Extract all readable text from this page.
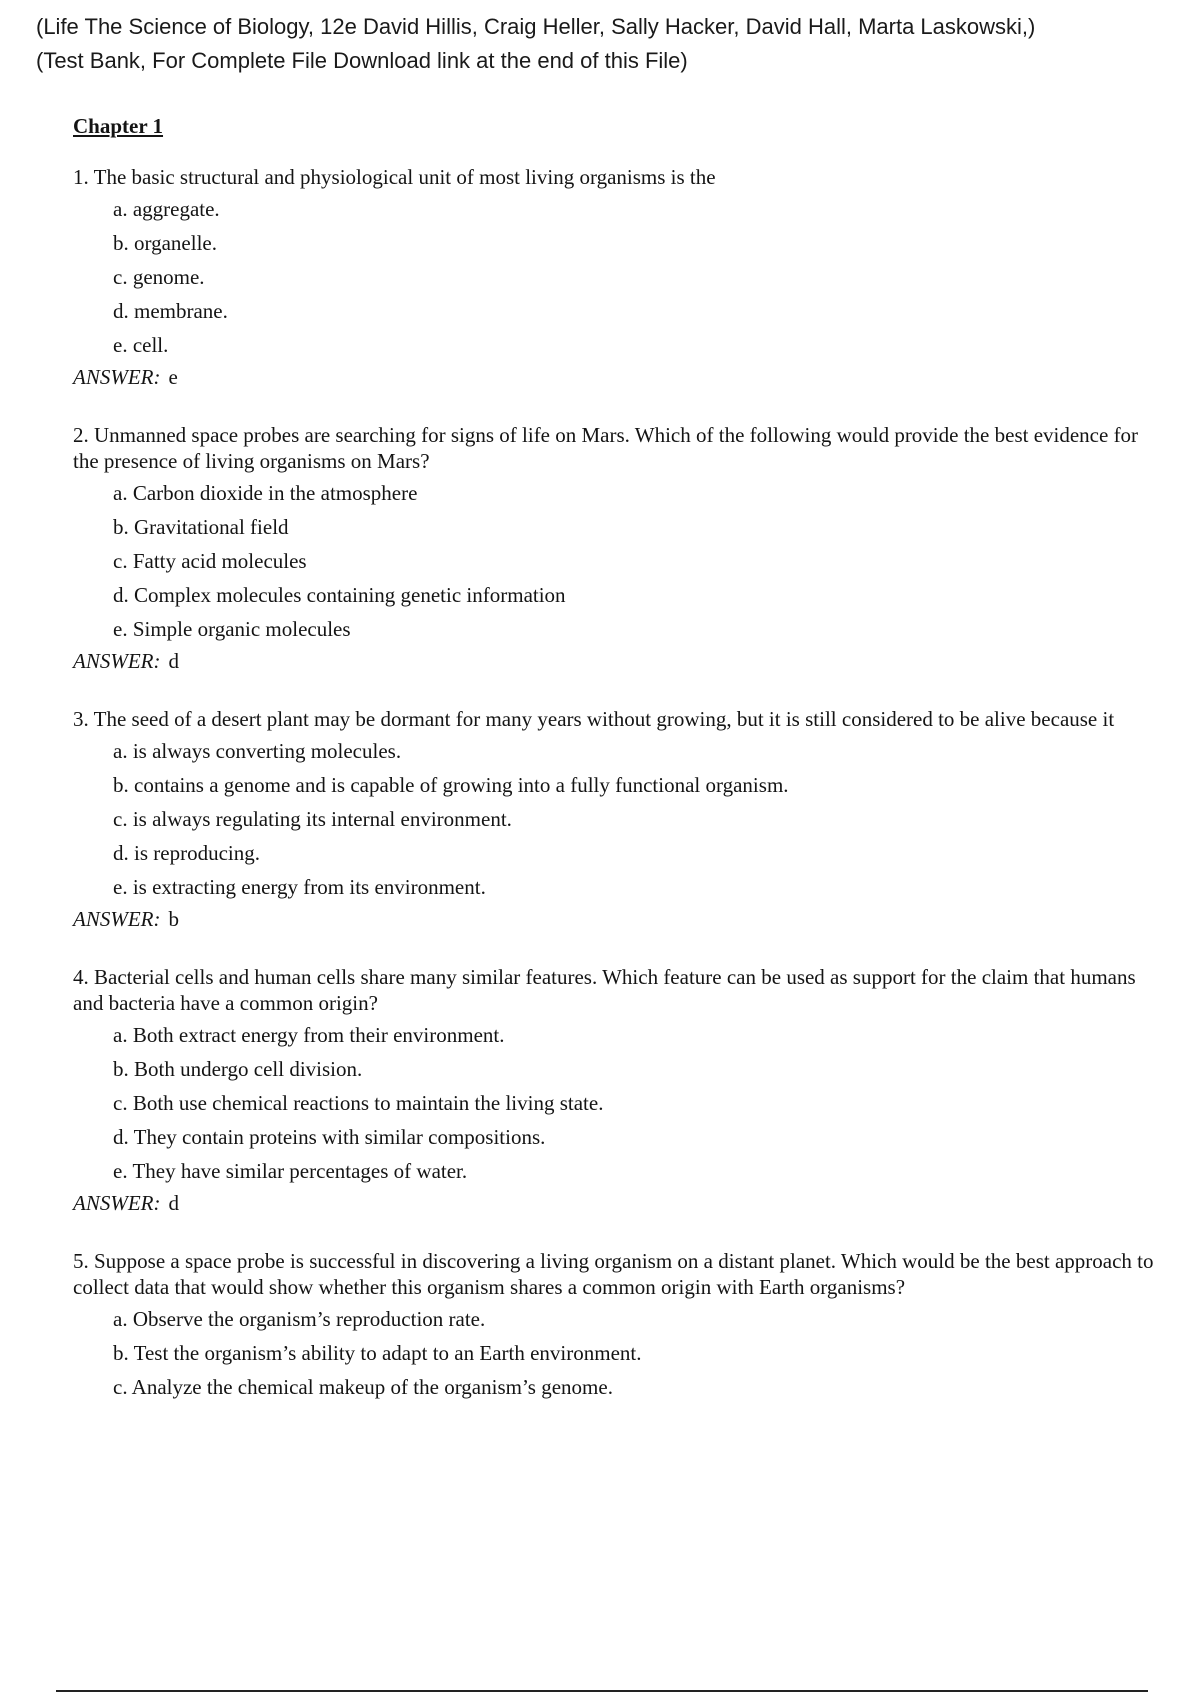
(Life The Science of Biology, 12e David Hillis, Craig Heller, Sally Hacker, David Hall, Marta Laskowski,)
(Test Bank, For Complete File Download link at the end of this File)
Chapter 1
1. The basic structural and physiological unit of most living organisms is the
a. aggregate.
b. organelle.
c. genome.
d. membrane.
e. cell.
ANSWER: e
2. Unmanned space probes are searching for signs of life on Mars. Which of the following would provide the best evidence for the presence of living organisms on Mars?
a. Carbon dioxide in the atmosphere
b. Gravitational field
c. Fatty acid molecules
d. Complex molecules containing genetic information
e. Simple organic molecules
ANSWER: d
3. The seed of a desert plant may be dormant for many years without growing, but it is still considered to be alive because it
a. is always converting molecules.
b. contains a genome and is capable of growing into a fully functional organism.
c. is always regulating its internal environment.
d. is reproducing.
e. is extracting energy from its environment.
ANSWER: b
4. Bacterial cells and human cells share many similar features. Which feature can be used as support for the claim that humans and bacteria have a common origin?
a. Both extract energy from their environment.
b. Both undergo cell division.
c. Both use chemical reactions to maintain the living state.
d. They contain proteins with similar compositions.
e. They have similar percentages of water.
ANSWER: d
5. Suppose a space probe is successful in discovering a living organism on a distant planet. Which would be the best approach to collect data that would show whether this organism shares a common origin with Earth organisms?
a. Observe the organism’s reproduction rate.
b. Test the organism’s ability to adapt to an Earth environment.
c. Analyze the chemical makeup of the organism’s genome.
